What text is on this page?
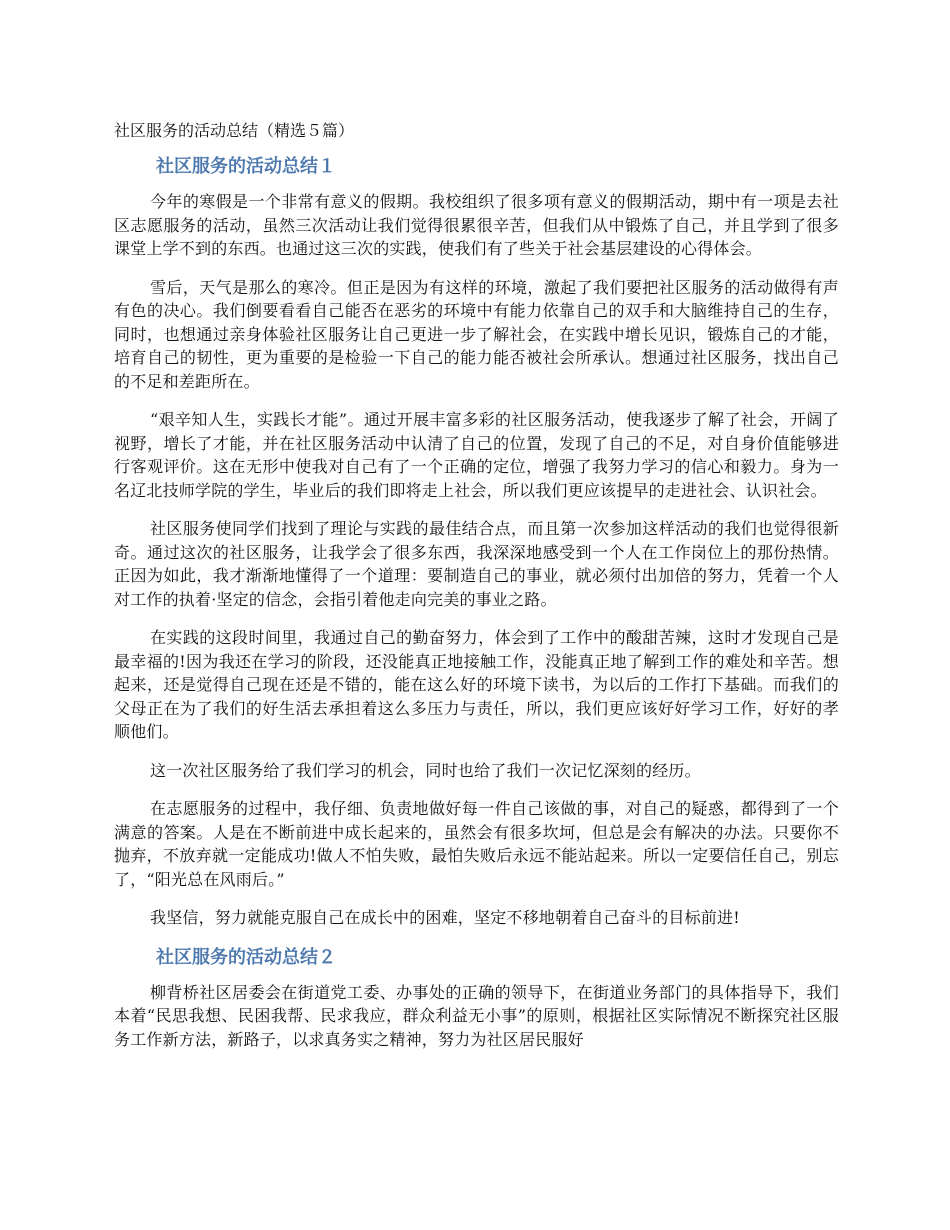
社区服务的活动总结（精选５篇）
社区服务的活动总结１

今年的寒假是一个非常有意义的假期。我校组织了很多项有意义的假期活动，期中有一项是去社区志愿服务的活动，虽然三次活动让我们觉得很累很辛苦，但我们从中锻炼了自己，并且学到了很多课堂上学不到的东西。也通过这三次的实践，使我们有了些关于社会基层建设的心得体会。

雪后，天气是那么的寒冷。但正是因为有这样的环境，激起了我们要把社区服务的活动做得有声有色的决心。我们倒要看看自己能否在恶劣的环境中有能力依靠自己的双手和大脑维持自己的生存，同时，也想通过亲身体验社区服务让自己更进一步了解社会，在实践中增长见识，锻炼自己的才能，培育自己的韧性，更为重要的是检验一下自己的能力能否被社会所承认。想通过社区服务，找出自己的不足和差距所在。

“艰辛知人生，实践长才能”。通过开展丰富多彩的社区服务活动，使我逐步了解了社会，开阔了视野，增长了才能，并在社区服务活动中认清了自己的位置，发现了自己的不足，对自身价值能够进行客观评价。这在无形中使我对自己有了一个正确的定位，增强了我努力学习的信心和毅力。身为一名辽北技师学院的学生，毕业后的我们即将走上社会，所以我们更应该提早的走进社会、认识社会。

社区服务使同学们找到了理论与实践的最佳结合点，而且第一次参加这样活动的我们也觉得很新奇。通过这次的社区服务，让我学会了很多东西，我深深地感受到一个人在工作岗位上的那份热情。正因为如此，我才渐渐地懂得了一个道理：要制造自己的事业，就必须付出加倍的努力，凭着一个人对工作的执着·坚定的信念，会指引着他走向完美的事业之路。

在实践的这段时间里，我通过自己的勤奋努力，体会到了工作中的酸甜苦辣，这时才发现自己是最幸福的!因为我还在学习的阶段，还没能真正地接触工作，没能真正地了解到工作的难处和辛苦。想起来，还是觉得自己现在还是不错的，能在这么好的环境下读书，为以后的工作打下基础。而我们的父母正在为了我们的好生活去承担着这么多压力与责任，所以，我们更应该好好学习工作，好好的孝顺他们。

这一次社区服务给了我们学习的机会，同时也给了我们一次记忆深刻的经历。

在志愿服务的过程中，我仔细、负责地做好每一件自己该做的事，对自己的疑惑，都得到了一个满意的答案。人是在不断前进中成长起来的，虽然会有很多坎坷，但总是会有解决的办法。只要你不抛弃，不放弃就一定能成功!做人不怕失败，最怕失败后永远不能站起来。所以一定要信任自己，别忘了，“阳光总在风雨后。”

我坚信，努力就能克服自己在成长中的困难，坚定不移地朝着自己奋斗的目标前进!

社区服务的活动总结２

柳背桥社区居委会在街道党工委、办事处的正确的领导下，在街道业务部门的具体指导下，我们本着“民思我想、民困我帮、民求我应，群众利益无小事”的原则，根据社区实际情况不断探究社区服务工作新方法，新路子，以求真务实之精神，努力为社区居民服好
